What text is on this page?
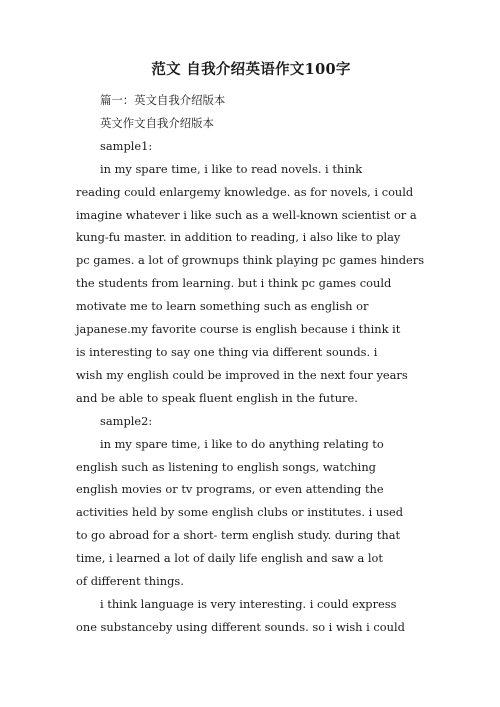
范文 自我介绍英语作文100字

篇一：英文自我介绍版本

英文作文自我介绍版本

sample1:

in my spare time, i like to read novels. i think

reading could enlargemy knowledge. as for novels, i could

imagine whatever i like such as a well-known scientist or a

kung-fu master. in addition to reading, i also like to play

pc games. a lot of grownups think playing pc games hinders

the students from learning. but i think pc games could

motivate me to learn something such as english or

japanese.my favorite course is english because i think it

is interesting to say one thing via different sounds. i

wish my english could be improved in the next four years

and be able to speak fluent english in the future.

sample2:

in my spare time, i like to do anything relating to

english such as listening to english songs, watching

english movies or tv programs, or even attending the

activities held by some english clubs or institutes. i used

to go abroad for a short- term english study. during that

time, i learned a lot of daily life english and saw a lot

of different things.

i think language is very interesting. i could express

one substanceby using different sounds. so i wish i could
